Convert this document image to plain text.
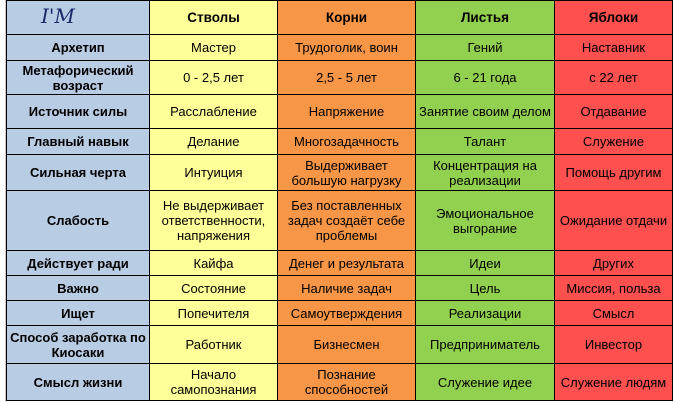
I'M	Стволы	Корни	Листья	Яблоки
Архетип	Мастер	Трудоголик, воин	Гений	Наставник
Метафорический возраст	0 - 2,5 лет	2,5 - 5 лет	6 - 21 года	с 22 лет
Источник силы	Расслабление	Напряжение	Занятие своим делом	Отдавание
Главный навык	Делание	Многозадачность	Талант	Служение
Сильная черта	Интуиция	Выдерживает большую нагрузку	Концентрация на реализации	Помощь другим
Слабость	Не выдерживает ответственности, напряжения	Без поставленных задач создаёт себе проблемы	Эмоциональное выгорание	Ожидание отдачи
Действует ради	Кайфа	Денег и результата	Идеи	Других
Важно	Состояние	Наличие задач	Цель	Миссия, польза
Ищет	Попечителя	Самоутверждения	Реализации	Смысл
Способ заработка по Киосаки	Работник	Бизнесмен	Предприниматель	Инвестор
Смысл жизни	Начало самопознания	Познание способностей	Служение идее	Служение людям
